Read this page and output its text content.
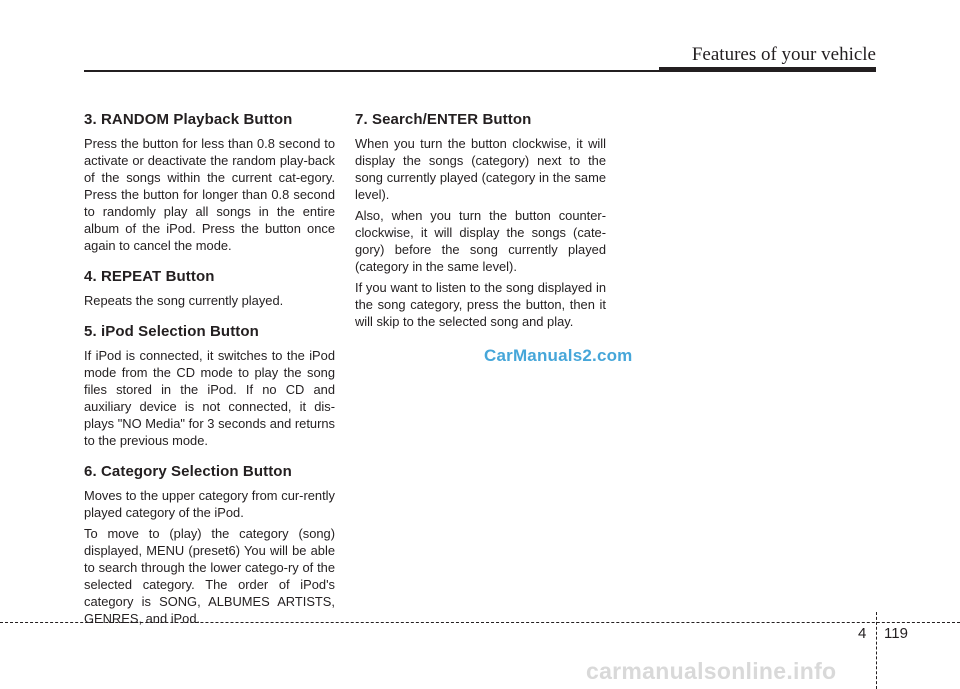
Features of your vehicle
3. RANDOM Playback Button

Press the button for less than 0.8 second to activate or deactivate the random play-back of the songs within the current cat-egory. Press the button for longer than 0.8 second to randomly play all songs in the entire album of the iPod. Press the button once again to cancel the mode.

4. REPEAT Button

Repeats the song currently played.

5. iPod Selection Button

If iPod is connected, it switches to the iPod mode from the CD mode to play the song files stored in the iPod. If no CD and auxiliary device is not connected, it dis-plays "NO Media" for 3 seconds and returns to the previous mode.

6. Category Selection Button

Moves to the upper category from cur-rently played category of the iPod.

To move to (play) the category (song) displayed, MENU (preset6) You will be able to search through the lower catego-ry of the selected category. The order of iPod's category is SONG, ALBUMES ARTISTS, GENRES, and iPod.

7. Search/ENTER Button

When you turn the button clockwise, it will display the songs (category) next to the song currently played (category in the same level).

Also, when you turn the button counter-clockwise, it will display the songs (cate-gory) before the song currently played (category in the same level).

If you want to listen to the song displayed in the song category, press the button, then it will skip to the selected song and play.

CarManuals2.com
4 119
carmanualsonline.info
